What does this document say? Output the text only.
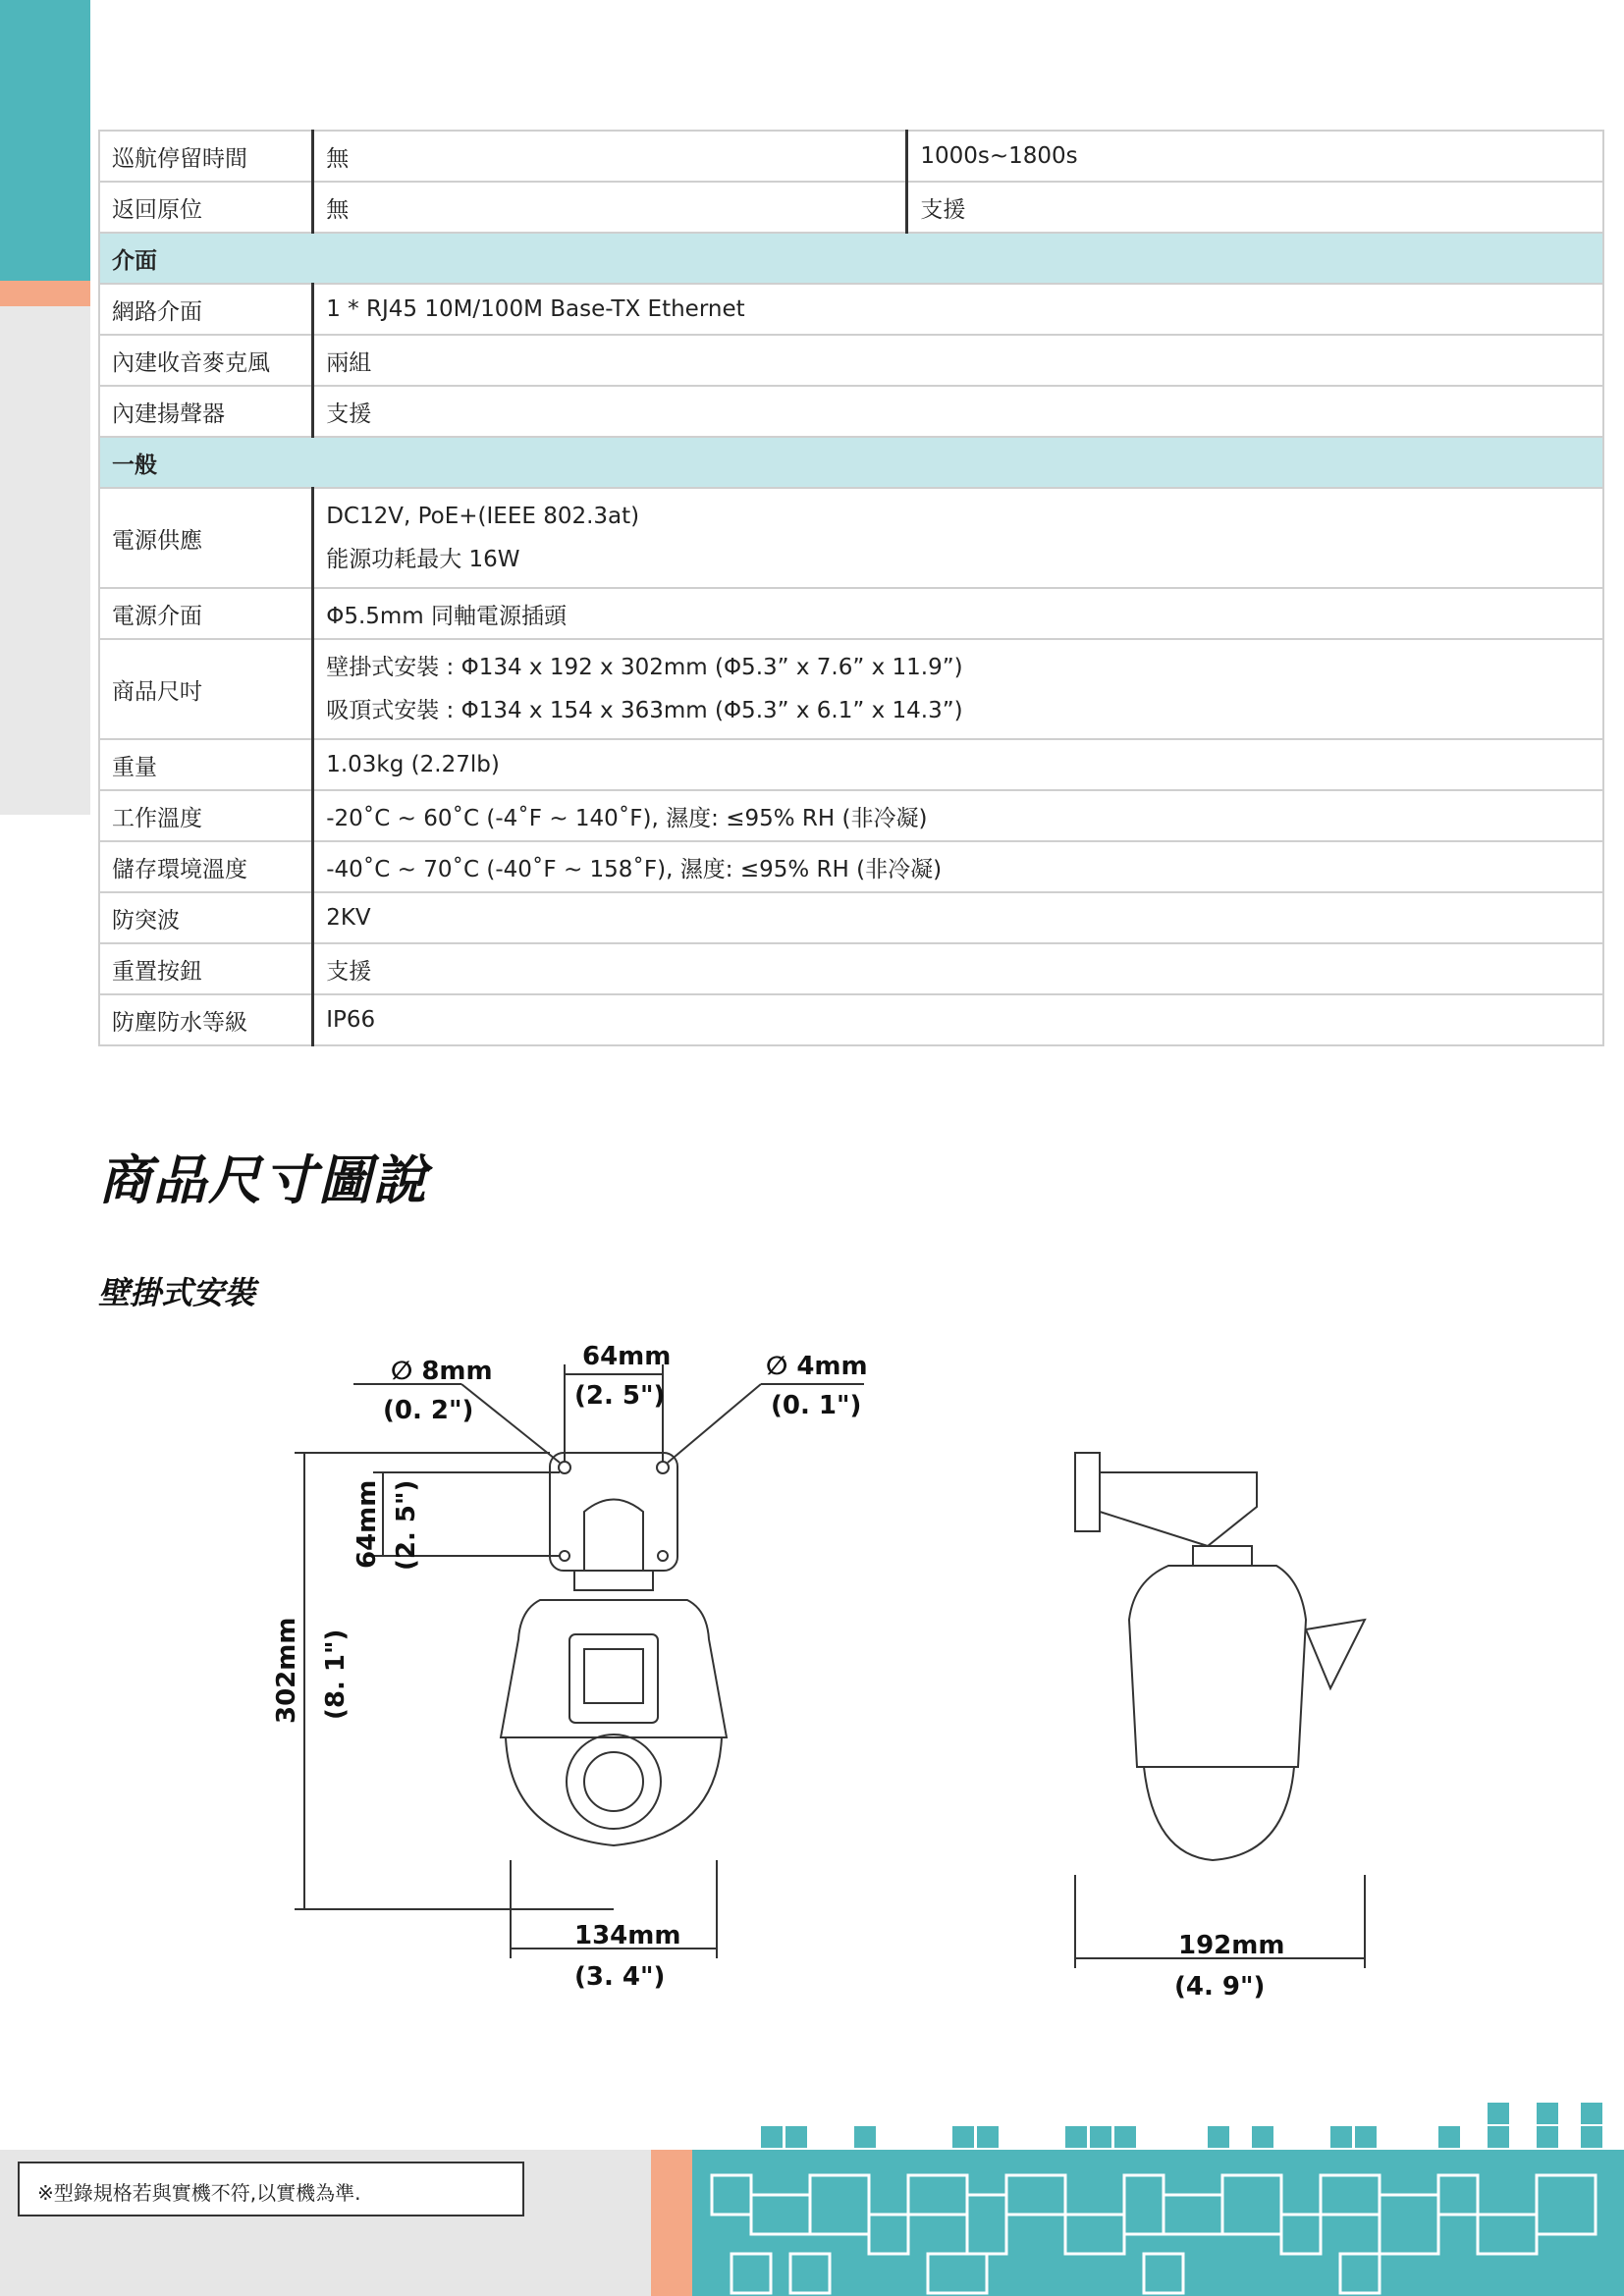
巡航停留時間	無	1000s~1800s
返回原位	無	支援
介面		
網路介面	1 * RJ45 10M/100M Base-TX Ethernet	
內建收音麥克風	兩組	
內建揚聲器	支援	
一般		
電源供應	DC12V, PoE+(IEEE 802.3at)
能源功耗最大 16W	

電源介面	Φ5.5mm 同軸電源插頭	
商品尺吋	壁掛式安裝 : Φ134 x 192 x 302mm (Φ5.3” x 7.6” x 11.9”)
吸頂式安裝 : Φ134 x 154 x 363mm (Φ5.3” x 6.1” x 14.3”)	

重量	1.03kg (2.27lb)	
工作溫度	-20˚C ~ 60˚C (-4˚F ~ 140˚F), 濕度: ≤95% RH (非冷凝)	
儲存環境溫度	-40˚C ~ 70˚C (-40˚F ~ 158˚F), 濕度: ≤95% RH (非冷凝)	
防突波	2KV	
重置按鈕	支援	
防塵防水等級	IP66	
商品尺寸圖說
壁掛式安裝
∅ 8mm
(0. 2")
64mm
(2. 5")
∅ 4mm
(0. 1")
64mm (2. 5")
302mm (8. 1")
134mm
(3. 4")
192mm
(4. 9")
※型錄規格若與實機不符,以實機為準.
